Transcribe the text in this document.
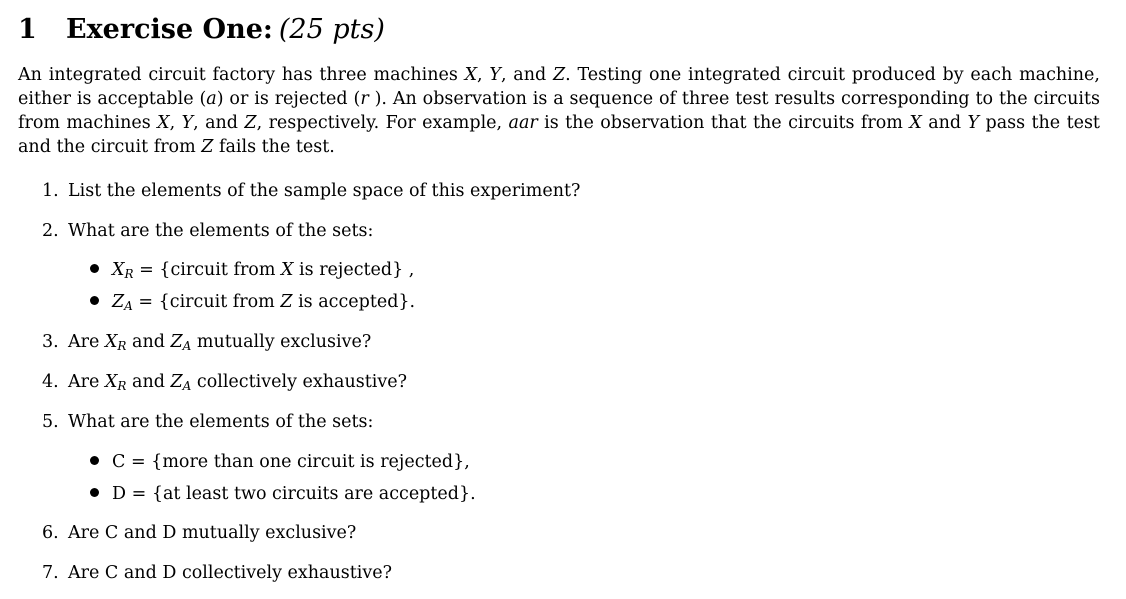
1 Exercise One: (25 pts)
An integrated circuit factory has three machines X, Y, and Z. Testing one integrated circuit produced by each machine,
either is acceptable (a) or is rejected (r ). An observation is a sequence of three test results corresponding to the circuits
from machines X, Y, and Z, respectively. For example, aar is the observation that the circuits from X and Y pass the test
and the circuit from Z fails the test.
1. List the elements of the sample space of this experiment?
2. What are the elements of the sets:
$X_R$ = {circuit from X is rejected} ,
$Z_A$ = {circuit from Z is accepted}.
3. Are $X_R$ and $Z_A$ mutually exclusive?
4. Are $X_R$ and $Z_A$ collectively exhaustive?
5. What are the elements of the sets:
C = {more than one circuit is rejected},
D = {at least two circuits are accepted}.
6. Are C and D mutually exclusive?
7. Are C and D collectively exhaustive?
